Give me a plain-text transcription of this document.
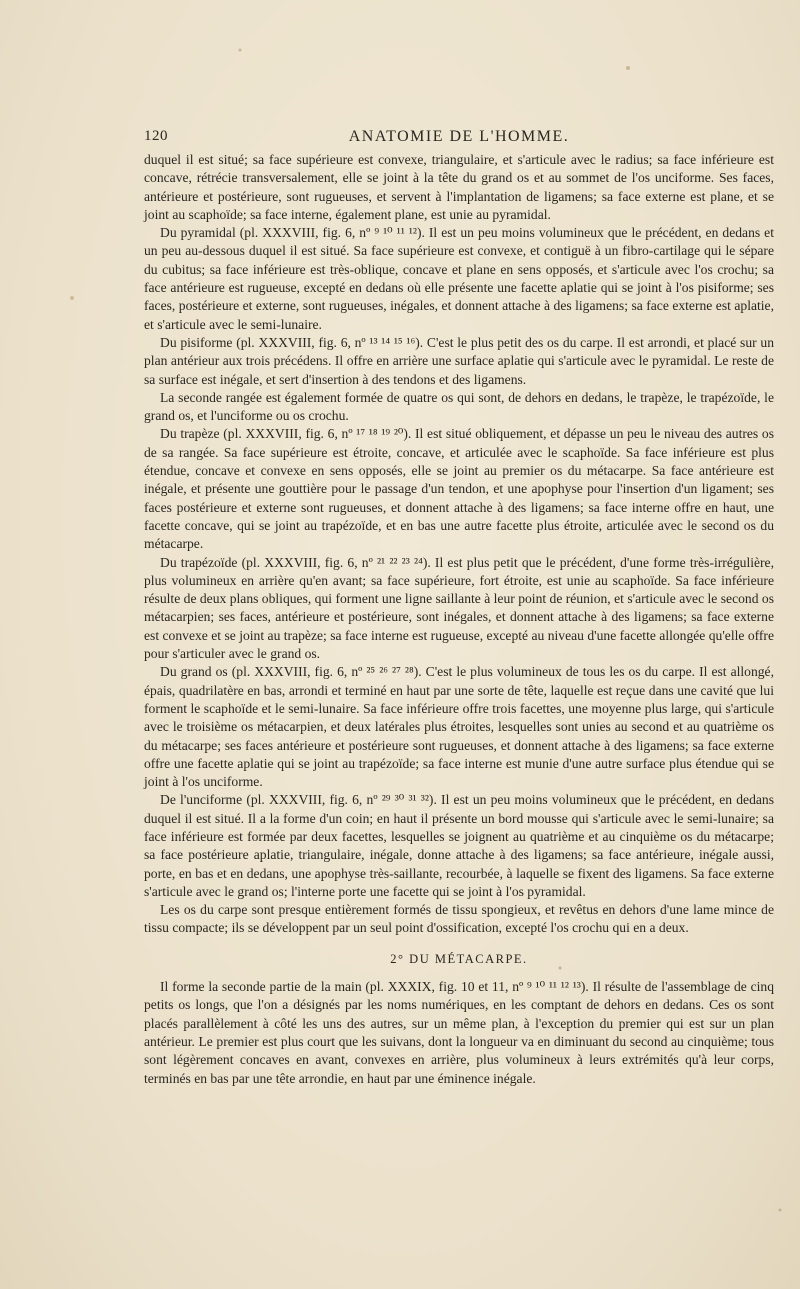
120	ANATOMIE DE L'HOMME.

duquel il est situé; sa face supérieure est convexe, triangulaire, et s'articule avec le radius; sa face inférieure est concave, rétrécie transversalement, elle se joint à la tête du grand os et au sommet de l'os unciforme. Ses faces, antérieure et postérieure, sont rugueuses, et servent à l'implantation de ligamens; sa face externe est plane, et se joint au scaphoïde; sa face interne, également plane, est unie au pyramidal.

Du pyramidal (pl. XXXVIII, fig. 6, nº ⁹ ¹⁰ ¹¹ ¹²). Il est un peu moins volumineux que le précédent, en dedans et un peu au-dessous duquel il est situé. Sa face supérieure est convexe, et contiguë à un fibro-cartilage qui le sépare du cubitus; sa face inférieure est très-oblique, concave et plane en sens opposés, et s'articule avec l'os crochu; sa face antérieure est rugueuse, excepté en dedans où elle présente une facette aplatie qui se joint à l'os pisiforme; ses faces, postérieure et externe, sont rugueuses, inégales, et donnent attache à des ligamens; sa face externe est aplatie, et s'articule avec le semi-lunaire.

Du pisiforme (pl. XXXVIII, fig. 6, nº ¹³ ¹⁴ ¹⁵ ¹⁶). C'est le plus petit des os du carpe. Il est arrondi, et placé sur un plan antérieur aux trois précédens. Il offre en arrière une surface aplatie qui s'articule avec le pyramidal. Le reste de sa surface est inégale, et sert d'insertion à des tendons et des ligamens.

La seconde rangée est également formée de quatre os qui sont, de dehors en dedans, le trapèze, le trapézoïde, le grand os, et l'unciforme ou os crochu.

Du trapèze (pl. XXXVIII, fig. 6, nº ¹⁷ ¹⁸ ¹⁹ ²⁰). Il est situé obliquement, et dépasse un peu le niveau des autres os de sa rangée. Sa face supérieure est étroite, concave, et articulée avec le scaphoïde. Sa face inférieure est plus étendue, concave et convexe en sens opposés, elle se joint au premier os du métacarpe. Sa face antérieure est inégale, et présente une gouttière pour le passage d'un tendon, et une apophyse pour l'insertion d'un ligament; ses faces postérieure et externe sont rugueuses, et donnent attache à des ligamens; sa face interne offre en haut, une facette concave, qui se joint au trapézoïde, et en bas une autre facette plus étroite, articulée avec le second os du métacarpe.

Du trapézoïde (pl. XXXVIII, fig. 6, nº ²¹ ²² ²³ ²⁴). Il est plus petit que le précédent, d'une forme très-irrégulière, plus volumineux en arrière qu'en avant; sa face supérieure, fort étroite, est unie au scaphoïde. Sa face inférieure résulte de deux plans obliques, qui forment une ligne saillante à leur point de réunion, et s'articule avec le second os métacarpien; ses faces, antérieure et postérieure, sont inégales, et donnent attache à des ligamens; sa face externe est convexe et se joint au trapèze; sa face interne est rugueuse, excepté au niveau d'une facette allongée qu'elle offre pour s'articuler avec le grand os.

Du grand os (pl. XXXVIII, fig. 6, nº ²⁵ ²⁶ ²⁷ ²⁸). C'est le plus volumineux de tous les os du carpe. Il est allongé, épais, quadrilatère en bas, arrondi et terminé en haut par une sorte de tête, laquelle est reçue dans une cavité que lui forment le scaphoïde et le semi-lunaire. Sa face inférieure offre trois facettes, une moyenne plus large, qui s'articule avec le troisième os métacarpien, et deux latérales plus étroites, lesquelles sont unies au second et au quatrième os du métacarpe; ses faces antérieure et postérieure sont rugueuses, et donnent attache à des ligamens; sa face externe offre une facette aplatie qui se joint au trapézoïde; sa face interne est munie d'une autre surface plus étendue qui se joint à l'os unciforme.

De l'unciforme (pl. XXXVIII, fig. 6, nº ²⁹ ³⁰ ³¹ ³²). Il est un peu moins volumineux que le précédent, en dedans duquel il est situé. Il a la forme d'un coin; en haut il présente un bord mousse qui s'articule avec le semi-lunaire; sa face inférieure est formée par deux facettes, lesquelles se joignent au quatrième et au cinquième os du métacarpe; sa face postérieure aplatie, triangulaire, inégale, donne attache à des ligamens; sa face antérieure, inégale aussi, porte, en bas et en dedans, une apophyse très-saillante, recourbée, à laquelle se fixent des ligamens. Sa face externe s'articule avec le grand os; l'interne porte une facette qui se joint à l'os pyramidal.

Les os du carpe sont presque entièrement formés de tissu spongieux, et revêtus en dehors d'une lame mince de tissu compacte; ils se développent par un seul point d'ossification, excepté l'os crochu qui en a deux.

2° DU MÉTACARPE.

Il forme la seconde partie de la main (pl. XXXIX, fig. 10 et 11, nº ⁹ ¹⁰ ¹¹ ¹² ¹³). Il résulte de l'assemblage de cinq petits os longs, que l'on a désignés par les noms numériques, en les comptant de dehors en dedans. Ces os sont placés parallèlement à côté les uns des autres, sur un même plan, à l'exception du premier qui est sur un plan antérieur. Le premier est plus court que les suivans, dont la longueur va en diminuant du second au cinquième; tous sont légèrement concaves en avant, convexes en arrière, plus volumineux à leurs extrémités qu'à leur corps, terminés en bas par une tête arrondie, en haut par une éminence inégale.
